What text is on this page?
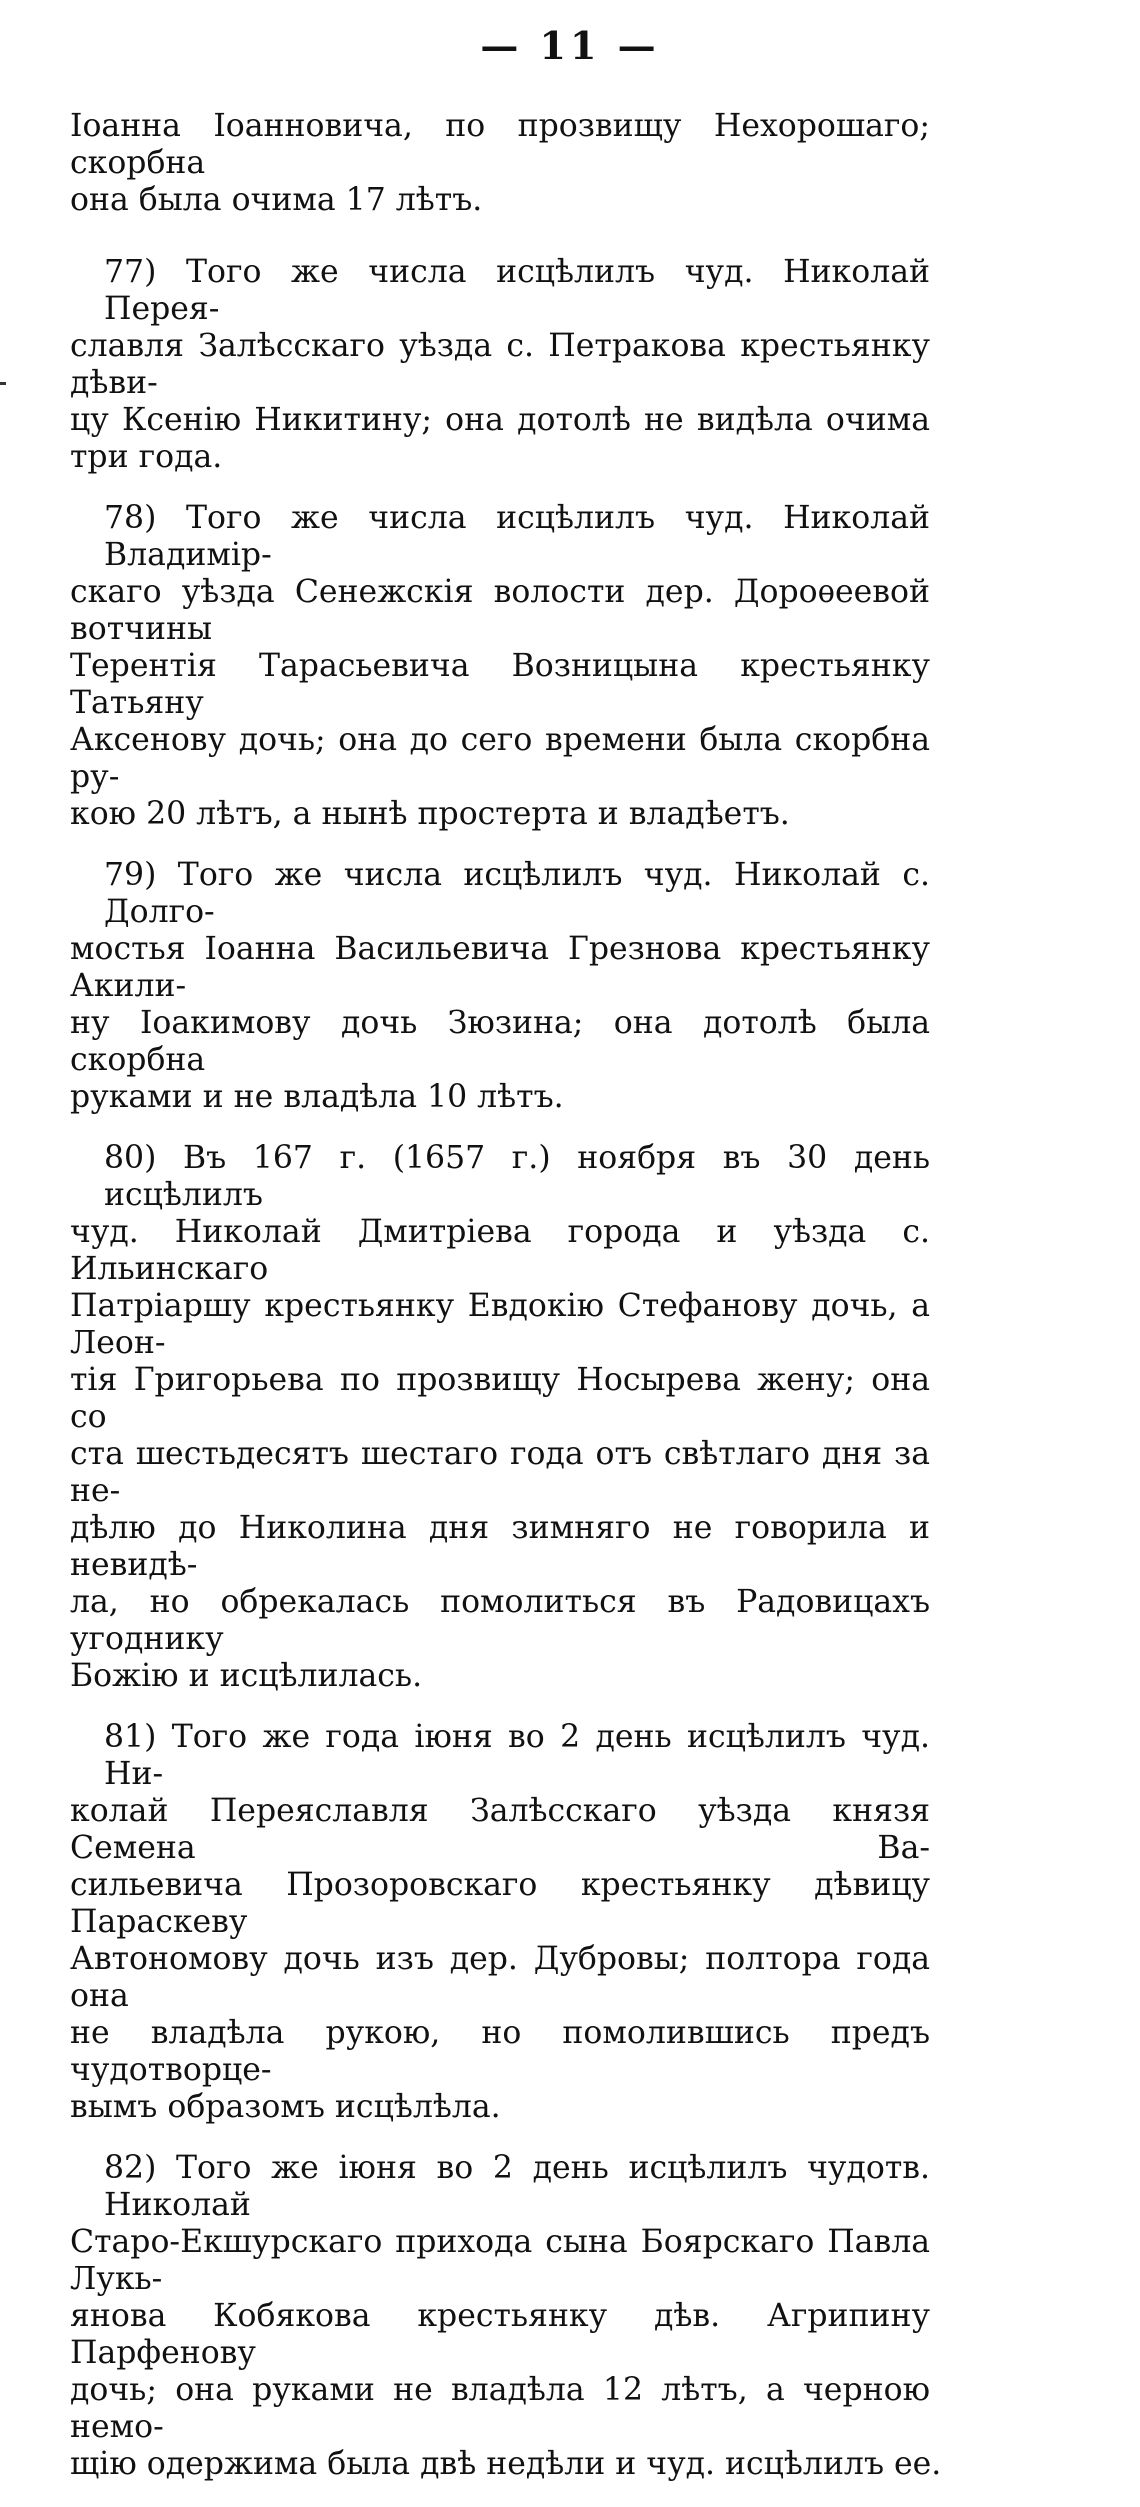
— 11 —

Іоанна Іоанновича, по прозвищу Нехорошаго; скорбна
она была очима 17 лѣтъ.

77) Того же числа исцѣлилъ чуд. Николай Перея-
славля Залѣсскаго уѣзда с. Петракова крестьянку дѣви-
цу Ксенію Никитину; она дотолѣ не видѣла очима
три года.

78) Того же числа исцѣлилъ чуд. Николай Владимір-
скаго уѣзда Сенежскія волости дер. Дороѳеевой вотчины
Терентія Тарасьевича Возницына крестьянку Татьяну
Аксенову дочь; она до сего времени была скорбна ру-
кою 20 лѣтъ, а нынѣ простерта и владѣетъ.

79) Того же числа исцѣлилъ чуд. Николай с. Долго-
мостья Іоанна Васильевича Грезнова крестьянку Акили-
ну Іоакимову дочь Зюзина; она дотолѣ была скорбна
руками и не владѣла 10 лѣтъ.

80) Въ 167 г. (1657 г.) ноября въ 30 день исцѣлилъ
чуд. Николай Дмитріева города и уѣзда с. Ильинскаго
Патріаршу крестьянку Евдокію Стефанову дочь, а Леон-
тія Григорьева по прозвищу Носырева жену; она со
ста шестьдесятъ шестаго года отъ свѣтлаго дня за не-
дѣлю до Николина дня зимняго не говорила и невидѣ-
ла, но обрекалась помолиться въ Радовицахъ угоднику
Божію и исцѣлилась.

81) Того же года іюня во 2 день исцѣлилъ чуд. Ни-
колай Переяславля Залѣсскаго уѣзда князя Семена Ва-
сильевича Прозоровскаго крестьянку дѣвицу Параскеву
Автономову дочь изъ дер. Дубровы; полтора года она
не владѣла рукою, но помолившись предъ чудотворце-
вымъ образомъ исцѣлѣла.

82) Того же іюня во 2 день исцѣлилъ чудотв. Николай
Старо-Екшурскаго прихода сына Боярскаго Павла Лукь-
янова Кобякова крестьянку дѣв. Агрипину Парфенову
дочь; она руками не владѣла 12 лѣтъ, а черною немо-
щію одержима была двѣ недѣли и чуд. исцѣлилъ ее.
